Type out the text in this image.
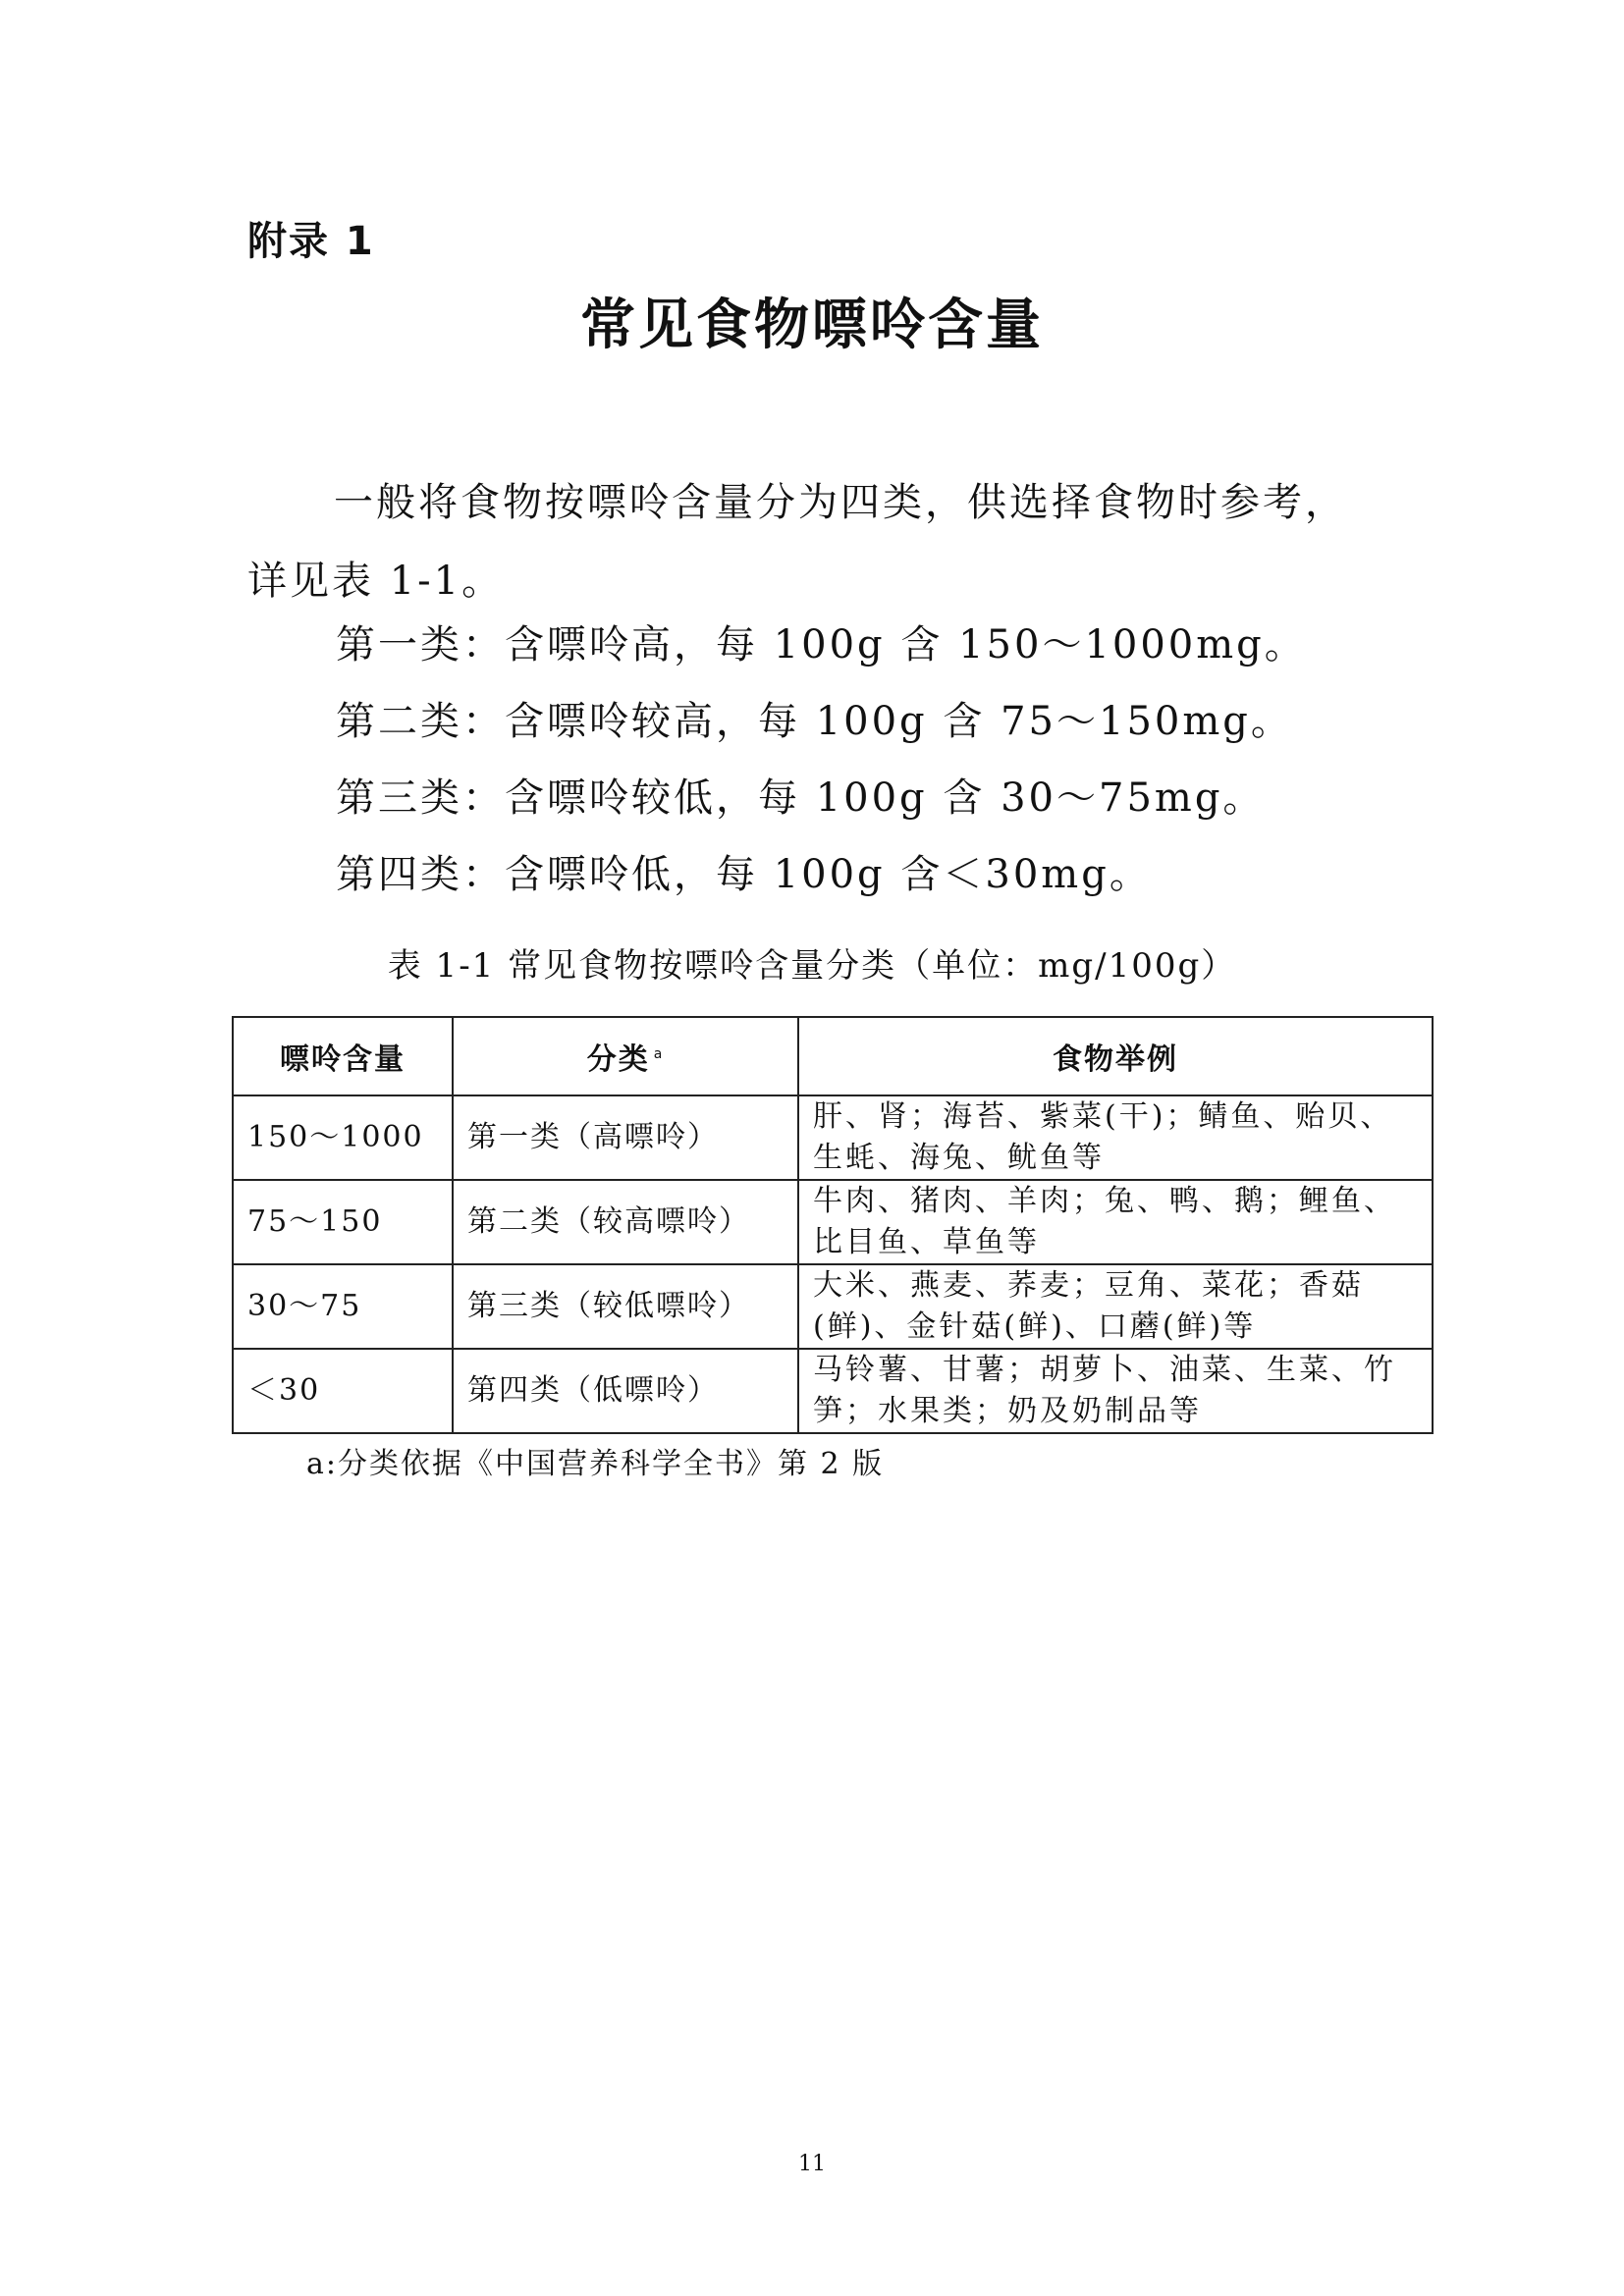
附录 1
常见食物嘌呤含量

一般将食物按嘌呤含量分为四类，供选择食物时参考，详见表 1-1。

第一类：含嘌呤高，每 100g 含 150～1000mg。
第二类：含嘌呤较高，每 100g 含 75～150mg。
第三类：含嘌呤较低，每 100g 含 30～75mg。
第四类：含嘌呤低，每 100g 含＜30mg。
表 1-1 常见食物按嘌呤含量分类（单位：mg/100g）
嘌呤含量	分类 $^a$	食物举例
150～1000	第一类（高嘌呤）	肝、肾；海苔、紫菜(干)；鲭鱼、贻贝、生蚝、海兔、鱿鱼等
75～150	第二类（较高嘌呤）	牛肉、猪肉、羊肉；兔、鸭、鹅；鲤鱼、比目鱼、草鱼等
30～75	第三类（较低嘌呤）	大米、燕麦、荞麦；豆角、菜花；香菇(鲜)、金针菇(鲜)、口蘑(鲜)等
＜30	第四类（低嘌呤）	马铃薯、甘薯；胡萝卜、油菜、生菜、竹笋；水果类；奶及奶制品等
a:分类依据《中国营养科学全书》第 2 版
11
